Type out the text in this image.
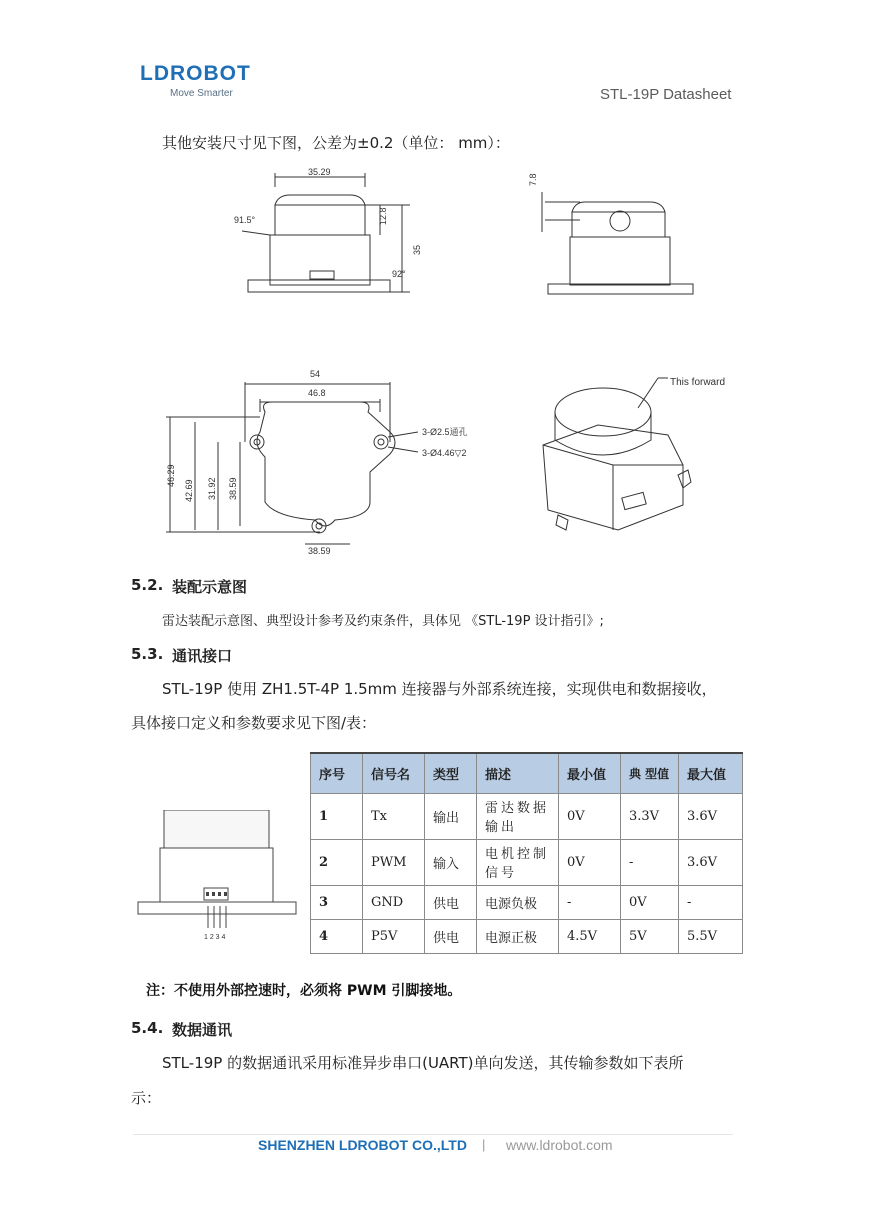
LDROBOT
Move Smarter	STL-19P Datasheet
其他安装尺寸见下图，公差为±0.2（单位： mm）：
35.29
91.5°	12.8
35
92°
7.8
54
46.8
3-Ø2.5通孔
3-Ø4.46▽2
46.29
42.69 31.92 38.59
38.59
This forward
5.2. 装配示意图
雷达装配示意图、典型设计参考及约束条件，具体见 《STL-19P 设计指引》;
5.3. 通讯接口
STL-19P 使用 ZH1.5T-4P 1.5mm 连接器与外部系统连接，实现供电和数据接收，
具体接口定义和参数要求见下图/表：
1 2 3 4
序号	信号名	类型	描述	最小值	典 型值	最大值
1	Tx	输出	雷达数据输出	0V	3.3V	3.6V
2	PWM	输入	电机控制信号	0V	-	3.6V
3	GND	供电	电源负极	-	0V	-
4	P5V	供电	电源正极	4.5V	5V	5.5V
注：不使用外部控速时，必须将 PWM 引脚接地。
5.4. 数据通讯
STL-19P 的数据通讯采用标准异步串口(UART)单向发送，其传输参数如下表所
示：
SHENZHEN LDROBOT CO.,LTD | www.ldrobot.com
